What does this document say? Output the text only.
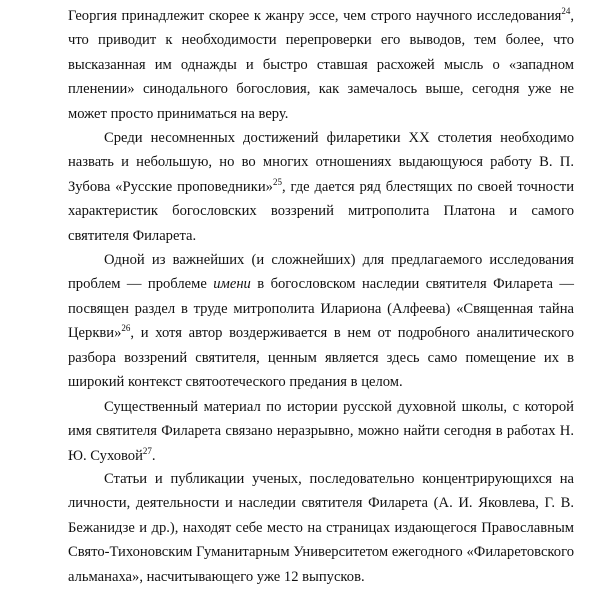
Георгия принадлежит скорее к жанру эссе, чем строго научного исследования$^{24}$, что приводит к необходимости перепроверки его выводов, тем более, что высказанная им однажды и быстро ставшая расхожей мысль о «западном пленении» синодального богословия, как замечалось выше, сегодня уже не может просто приниматься на веру.

Среди несомненных достижений филаретики XX столетия необходимо назвать и небольшую, но во многих отношениях выдающуюся работу В. П. Зубова «Русские проповедники»$^{25}$, где дается ряд блестящих по своей точности характеристик богословских воззрений митрополита Платона и самого святителя Филарета.

Одной из важнейших (и сложнейших) для предлагаемого исследования проблем — проблеме имени в богословском наследии святителя Филарета — посвящен раздел в труде митрополита Илариона (Алфеева) «Священная тайна Церкви»$^{26}$, и хотя автор воздерживается в нем от подробного аналитического разбора воззрений святителя, ценным является здесь само помещение их в широкий контекст святоотеческого предания в целом.

Существенный материал по истории русской духовной школы, с которой имя святителя Филарета связано неразрывно, можно найти сегодня в работах Н. Ю. Суховой$^{27}$.

Статьи и публикации ученых, последовательно концентрирующихся на личности, деятельности и наследии святителя Филарета (А. И. Яковлева, Г. В. Бежанидзе и др.), находят себе место на страницах издающегося Православным Свято-Тихоновским Гуманитарным Университетом ежегодного «Филаретовского альманаха», насчитывающего уже 12 выпусков.
